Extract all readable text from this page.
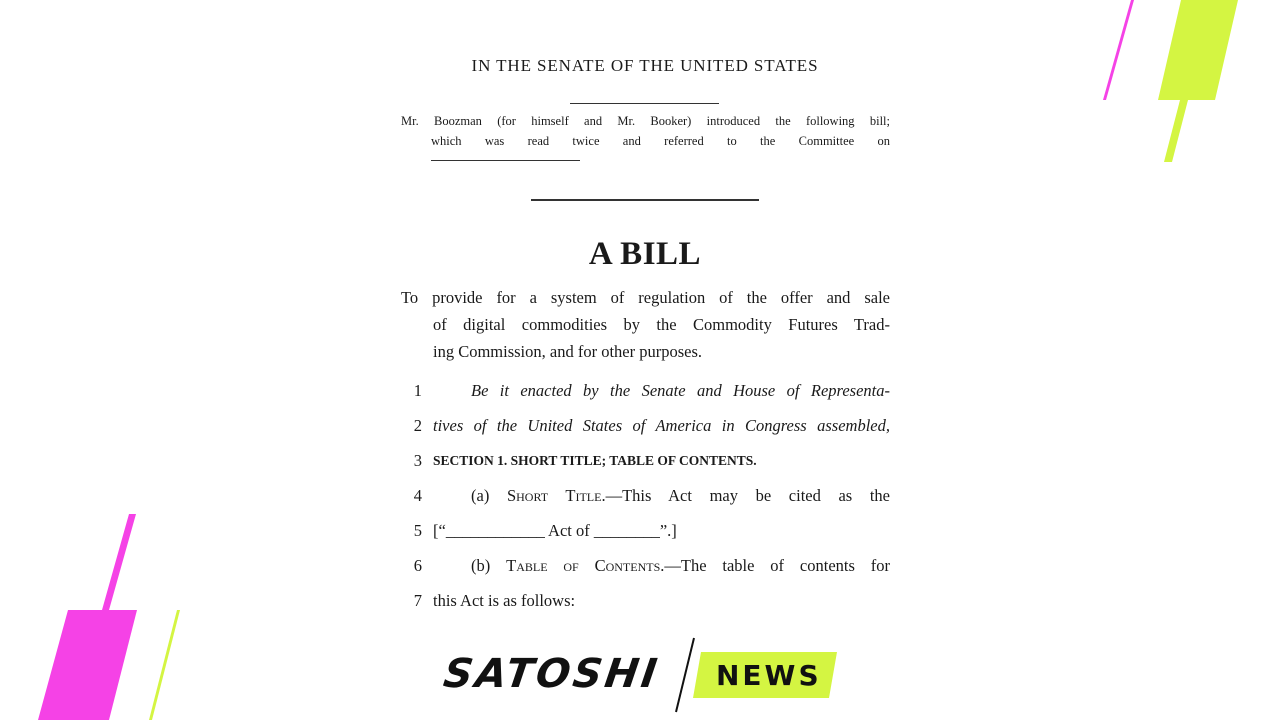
IN THE SENATE OF THE UNITED STATES
Mr. Boozman (for himself and Mr. Booker) introduced the following bill;
which was read twice and referred to the Committee on
A BILL
To provide for a system of regulation of the offer and sale
of digital commodities by the Commodity Futures Trad-
ing Commission, and for other purposes.
1	Be it enacted by the Senate and House of Representa-
2 tives of the United States of America in Congress assembled,
3 SECTION 1. SHORT TITLE; TABLE OF CONTENTS.
4	(a) Short Title.—This Act may be cited as the
5 [“____________ Act of ________”.]
6	(b) Table of Contents.—The table of contents for
7 this Act is as follows:
SATOSHI NEWS
